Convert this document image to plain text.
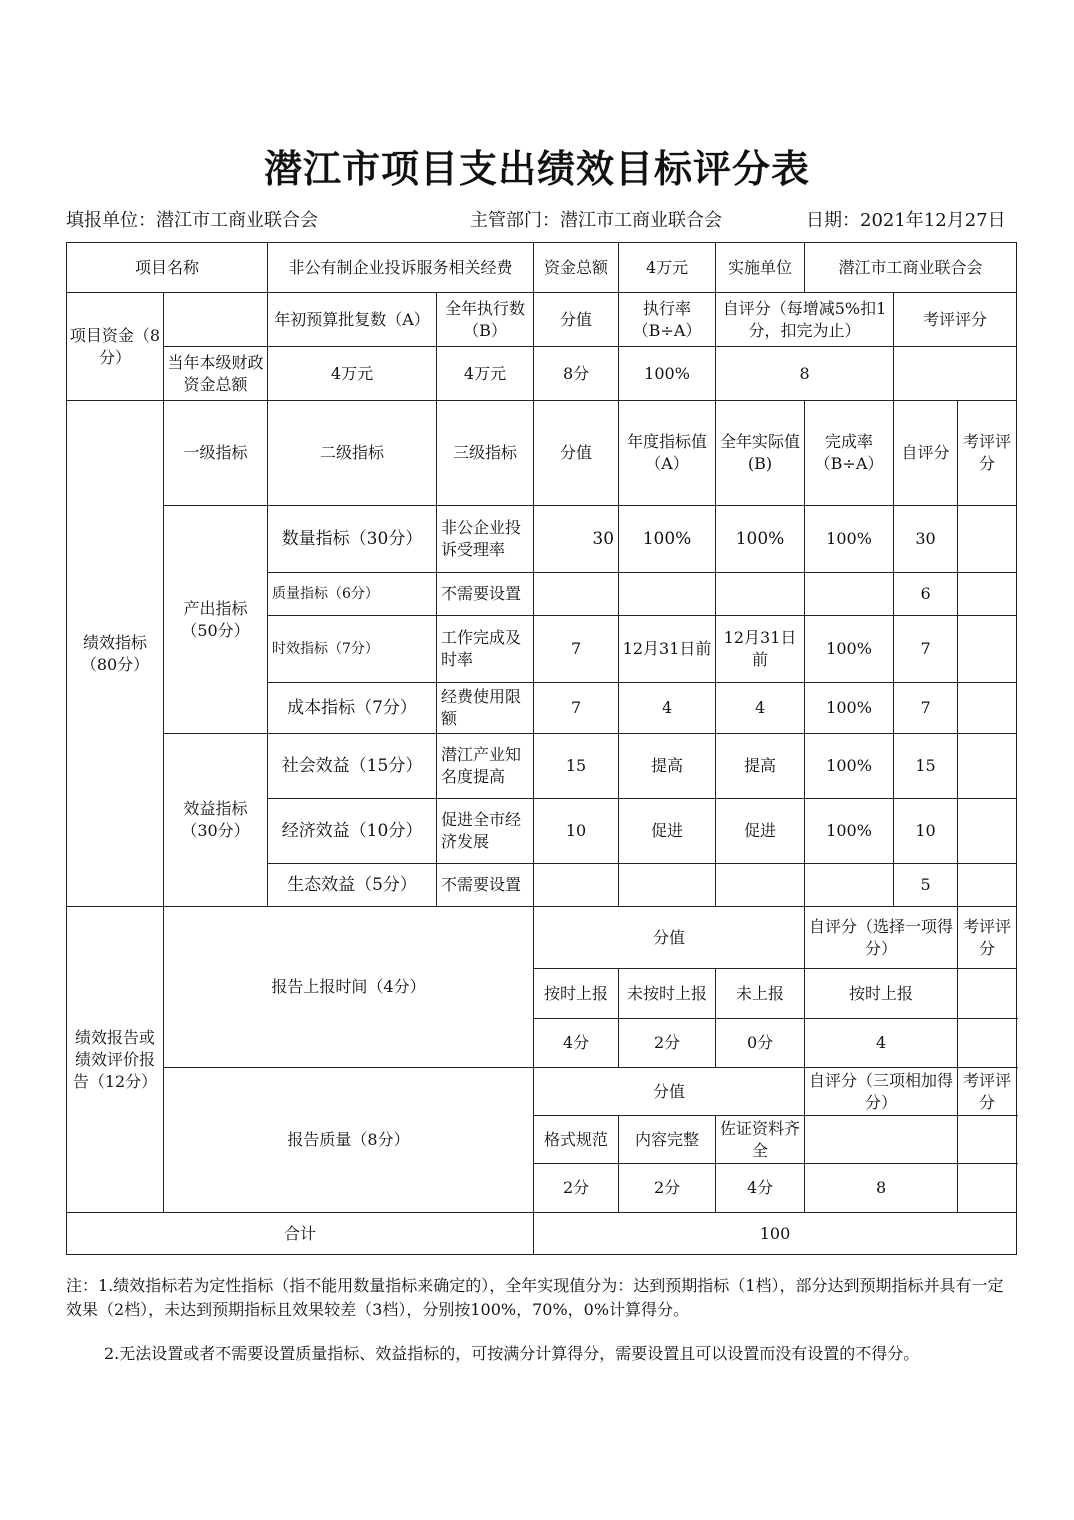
潜江市项目支出绩效目标评分表
填报单位：潜江市工商业联合会	主管部门：潜江市工商业联合会	日期：2021年12月27日
项目名称		非公有制企业投诉服务相关经费		资金总额	4万元	实施单位	潜江市工商业联合会			
项目资金（8分）		年初预算批复数（A）	全年执行数（B）	分值	执行率（B÷A）	自评分（每增减5%扣1分，扣完为止）		考评评分		
	当年本级财政资金总额	4万元	4万元	8分	100%	8				
绩效指标（80分）	一级指标	二级指标	三级指标	分值	年度指标值（A）	全年实际值(B)	完成率（B÷A）	自评分	考评评分	
	产出指标（50分）	数量指标（30分）	非公企业投诉受理率	30	100%	100%	100%	30		
		质量指标（6分）	不需要设置					6		
		时效指标（7分）	工作完成及时率	7	12月31日前	12月31日前	100%	7		
		成本指标（7分）	经费使用限额	7	4	4	100%	7		
	效益指标（30分）	社会效益（15分）	潜江产业知名度提高	15	提高	提高	100%	15		
		经济效益（10分）	促进全市经济发展	10	促进	促进	100%	10		
		生态效益（5分）	不需要设置					5		
绩效报告或绩效评价报告（12分）	报告上报时间（4分）			分值			自评分（选择一项得分）		考评评分	
				按时上报	未按时上报	未上报	按时上报			
				4分	2分	0分	4			
	报告质量（8分）			分值			自评分（三项相加得分）		考评评分	
				格式规范	内容完整	佐证资料齐全				
				2分	2分	4分	8			
合计				100						
注：1.绩效指标若为定性指标（指不能用数量指标来确定的），全年实现值分为：达到预期指标（1档），部分达到预期指标并具有一定效果（2档），未达到预期指标且效果较差（3档），分别按100%，70%，0%计算得分。
2.无法设置或者不需要设置质量指标、效益指标的，可按满分计算得分，需要设置且可以设置而没有设置的不得分。
